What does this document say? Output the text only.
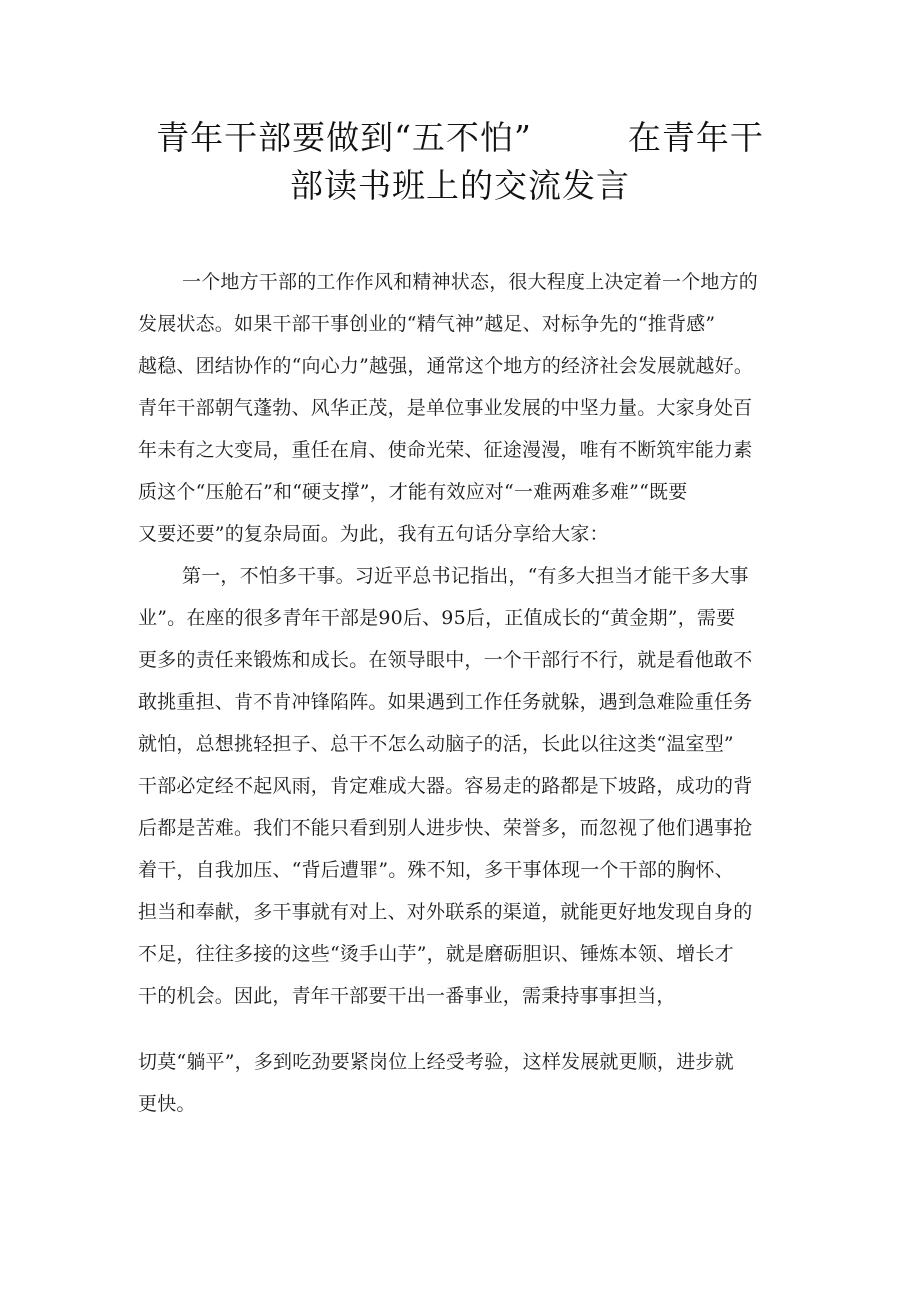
青年干部要做到“五不怕”	在青年干
部读书班上的交流发言
一个地方干部的工作作风和精神状态，很大程度上决定着一个地方的
发展状态。如果干部干事创业的“精气神”越足、对标争先的“推背感”
越稳、团结协作的“向心力”越强，通常这个地方的经济社会发展就越好。
青年干部朝气蓬勃、风华正茂，是单位事业发展的中坚力量。大家身处百
年未有之大变局，重任在肩、使命光荣、征途漫漫，唯有不断筑牢能力素
质这个“压舱石”和“硬支撑”，才能有效应对“一难两难多难”“既要
又要还要”的复杂局面。为此，我有五句话分享给大家：
第一，不怕多干事。习近平总书记指出，“有多大担当才能干多大事
业”。在座的很多青年干部是90后、95后，正值成长的“黄金期”，需要
更多的责任来锻炼和成长。在领导眼中，一个干部行不行，就是看他敢不
敢挑重担、肯不肯冲锋陷阵。如果遇到工作任务就躲，遇到急难险重任务
就怕，总想挑轻担子、总干不怎么动脑子的活，长此以往这类“温室型”
干部必定经不起风雨，肯定难成大器。容易走的路都是下坡路，成功的背
后都是苦难。我们不能只看到别人进步快、荣誉多，而忽视了他们遇事抢
着干，自我加压、“背后遭罪”。殊不知，多干事体现一个干部的胸怀、
担当和奉献，多干事就有对上、对外联系的渠道，就能更好地发现自身的
不足，往往多接的这些“烫手山芋”，就是磨砺胆识、锤炼本领、增长才
干的机会。因此，青年干部要干出一番事业，需秉持事事担当，
切莫“躺平”，多到吃劲要紧岗位上经受考验，这样发展就更顺，进步就
更快。
